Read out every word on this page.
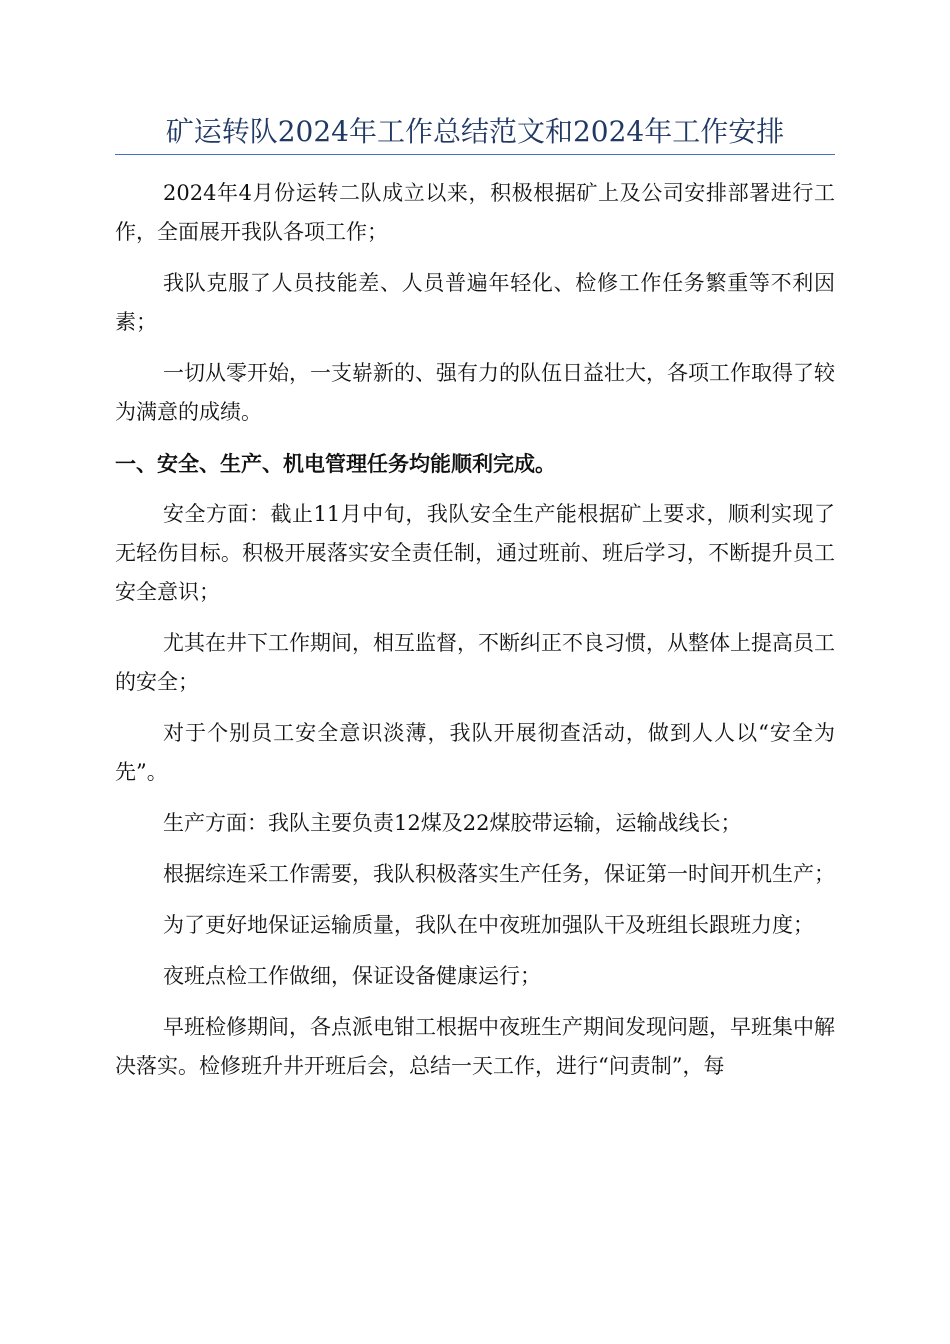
矿运转队2024年工作总结范文和2024年工作安排

2024年4月份运转二队成立以来，积极根据矿上及公司安排部署进行工作，全面展开我队各项工作；

我队克服了人员技能差、人员普遍年轻化、检修工作任务繁重等不利因素；

一切从零开始，一支崭新的、强有力的队伍日益壮大，各项工作取得了较为满意的成绩。

一、安全、生产、机电管理任务均能顺利完成。

安全方面：截止11月中旬，我队安全生产能根据矿上要求，顺利实现了无轻伤目标。积极开展落实安全责任制，通过班前、班后学习，不断提升员工安全意识；

尤其在井下工作期间，相互监督，不断纠正不良习惯，从整体上提高员工的安全；

对于个别员工安全意识淡薄，我队开展彻查活动，做到人人以“安全为先”。

生产方面：我队主要负责12煤及22煤胶带运输，运输战线长；

根据综连采工作需要，我队积极落实生产任务，保证第一时间开机生产；

为了更好地保证运输质量，我队在中夜班加强队干及班组长跟班力度；

夜班点检工作做细，保证设备健康运行；

早班检修期间，各点派电钳工根据中夜班生产期间发现问题，早班集中解决落实。检修班升井开班后会，总结一天工作，进行“问责制”，每
